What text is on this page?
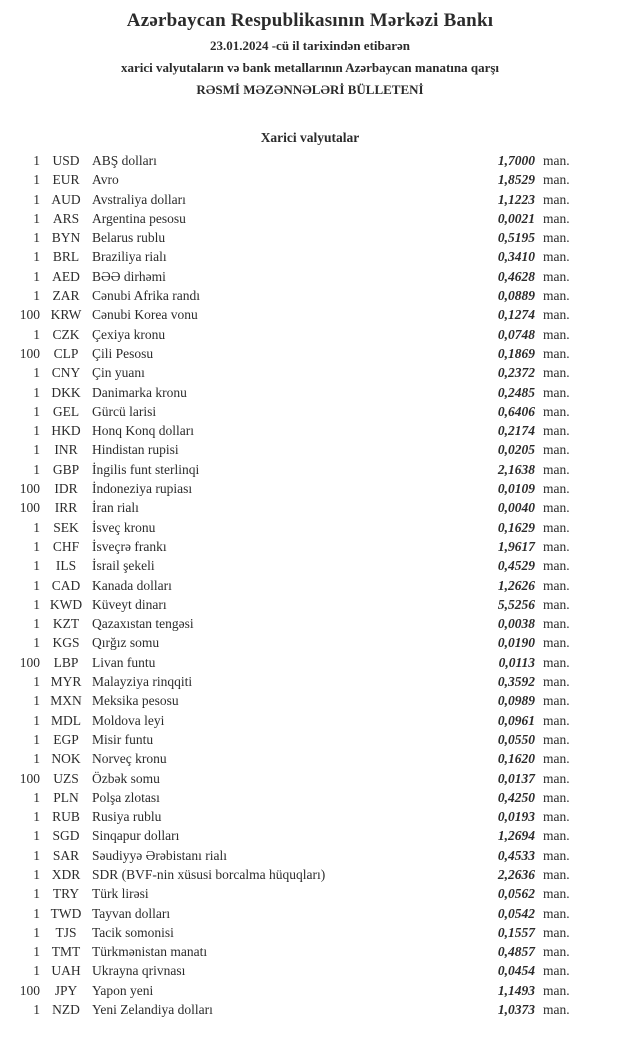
Azərbaycan Respublikasının Mərkəzi Bankı

23.01.2024 -cü il tarixindən etibarən

xarici valyutaların və bank metallarının Azərbaycan manatına qarşı

RƏSMİ MƏZƏNNƏLƏRİ BÜLLETENİ

Xarici valyutalar
1 USD ABŞ dolları	1,7000 man.
1 EUR Avro	1,8529 man.
1 AUD Avstraliya dolları	1,1223 man.
1 ARS Argentina pesosu	0,0021 man.
1 BYN Belarus rublu	0,5195 man.
1 BRL Braziliya rialı	0,3410 man.
1 AED BƏƏ dirhəmi	0,4628 man.
1 ZAR Cənubi Afrika randı	0,0889 man.
100 KRW Cənubi Korea vonu	0,1274 man.
1 CZK Çexiya kronu	0,0748 man.
100	CLP	Çili Pesosu	0,1869 man.
1 CNY Çin yuanı	0,2372 man.
1 DKK Danimarka kronu	0,2485 man.
1 GEL Gürcü larisi	0,6406 man.
1 HKD Honq Konq dolları	0,2174 man.
1	INR	Hindistan rupisi	0,0205 man.
1 GBP İngilis funt sterlinqi	2,1638 man.
100	IDR	İndoneziya rupiası	0,0109 man.
100	IRR	İran rialı	0,0040 man.
1 SEK İsveç kronu	0,1629 man.
1 CHF İsveçrə frankı	1,9617 man.
1	ILS	İsrail şekeli	0,4529 man.
1 CAD Kanada dolları	1,2626 man.
1 KWD Küveyt dinarı	5,5256 man.
1 KZT Qazaxıstan tengəsi	0,0038 man.
1 KGS Qırğız somu	0,0190 man.
100	LBP	Livan funtu	0,0113 man.
1 MYR Malayziya rinqqiti	0,3592 man.
1 MXN Meksika pesosu	0,0989 man.
1 MDL Moldova leyi	0,0961 man.
1 EGP Misir funtu	0,0550 man.
1 NOK Norveç kronu	0,1620 man.
100 UZS Özbək somu	0,0137 man.
1 PLN Polşa zlotası	0,4250 man.
1 RUB Rusiya rublu	0,0193 man.
1 SGD Sinqapur dolları	1,2694 man.
1 SAR Səudiyyə Ərəbistanı rialı	0,4533 man.
1 XDR SDR (BVF-nin xüsusi borcalma hüquqları)	2,2636 man.
1 TRY Türk lirəsi	0,0562 man.
1 TWD Tayvan dolları	0,0542 man.
1	TJS	Tacik somonisi	0,1557 man.
1 TMT Türkmənistan manatı	0,4857 man.
1 UAH Ukrayna qrivnası	0,0454 man.
100	JPY	Yapon yeni	1,1493 man.
1 NZD Yeni Zelandiya dolları	1,0373 man.
